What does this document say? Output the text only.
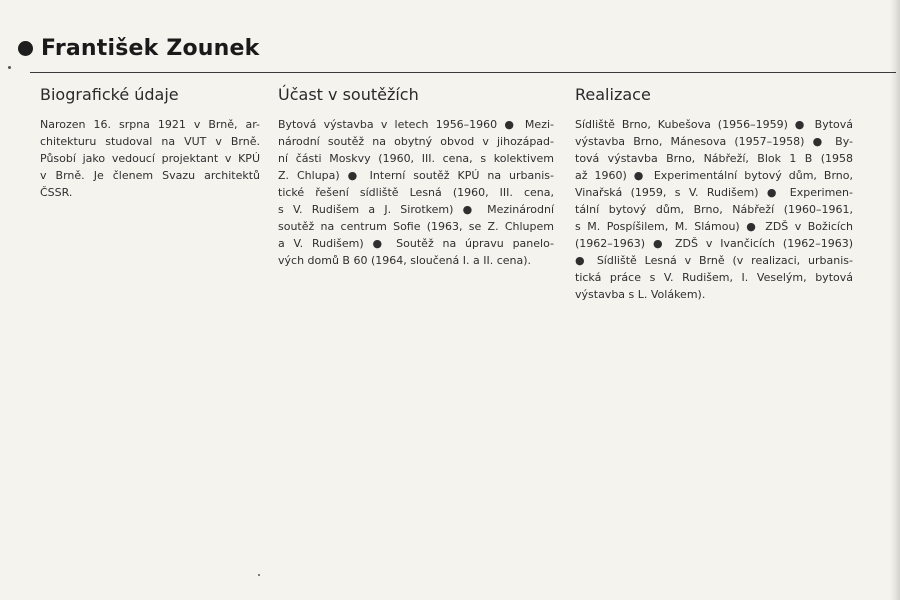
František Zounek
Biografické údaje

Narozen 16. srpna 1921 v Brně, ar-
chitekturu studoval na VUT v Brně.
Působí jako vedoucí projektant v KPÚ
v Brně. Je členem Svazu architektů
ČSSR.

Účast v soutěžích

Bytová výstavba v letech 1956–1960 ● Mezi-
národní soutěž na obytný obvod v jihozápad-
ní části Moskvy (1960, III. cena, s kolektivem
Z. Chlupa) ● Interní soutěž KPÚ na urbanis-
tické řešení sídliště Lesná (1960, III. cena,
s V. Rudišem a J. Sirotkem) ● Mezinárodní
soutěž na centrum Sofie (1963, se Z. Chlupem
a V. Rudišem) ● Soutěž na úpravu panelo-
vých domů B 60 (1964, sloučená I. a II. cena).

Realizace

Sídliště Brno, Kubešova (1956–1959) ● Bytová
výstavba Brno, Mánesova (1957–1958) ● By-
tová výstavba Brno, Nábřeží, Blok 1 B (1958
až 1960) ● Experimentální bytový dům, Brno,
Vinařská (1959, s V. Rudišem) ● Experimen-
tální bytový dům, Brno, Nábřeží (1960–1961,
s M. Pospíšilem, M. Slámou) ● ZDŠ v Božicích
(1962–1963) ● ZDŠ v Ivančicích (1962–1963)
● Sídliště Lesná v Brně (v realizaci, urbanis-
tická práce s V. Rudišem, I. Veselým, bytová
výstavba s L. Volákem).
